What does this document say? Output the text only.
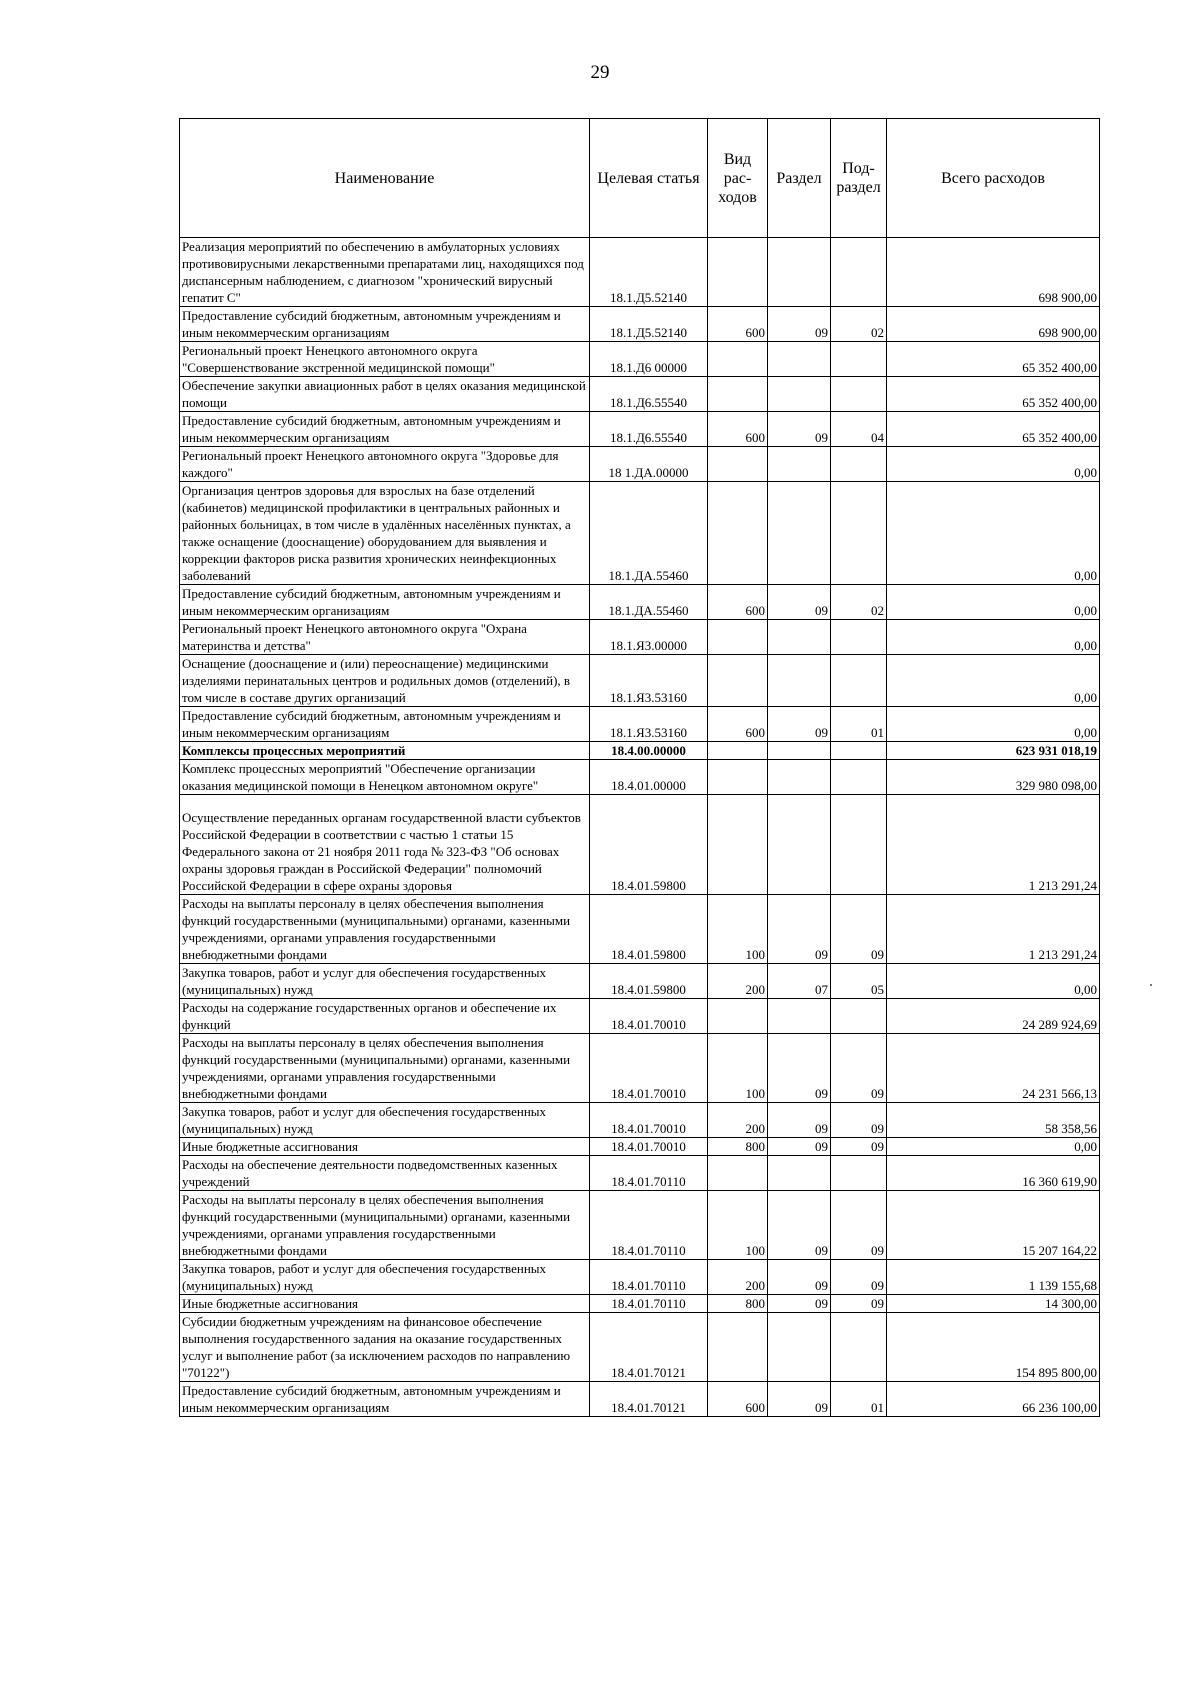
29
Наименование	Целевая статья	Вид рас-ходов	Раздел	Под-раздел	Всего расходов
Реализация мероприятий по обеспечению в амбулаторных условиях противовирусными лекарственными препаратами лиц, находящихся под диспансерным наблюдением, с диагнозом "хронический вирусный гепатит С"	18.1.Д5.52140				698 900,00
Предоставление субсидий бюджетным, автономным учреждениям и иным некоммерческим организациям	18.1.Д5.52140	600	09	02	698 900,00
Региональный проект Ненецкого автономного округа "Совершенствование экстренной медицинской помощи"	18.1.Д6 00000				65 352 400,00
Обеспечение закупки авиационных работ в целях оказания медицинской помощи	18.1.Д6.55540				65 352 400,00
Предоставление субсидий бюджетным, автономным учреждениям и иным некоммерческим организациям	18.1.Д6.55540	600	09	04	65 352 400,00
Региональный проект Ненецкого автономного округа "Здоровье для каждого"	18 1.ДА.00000				0,00
Организация центров здоровья для взрослых на базе отделений (кабинетов) медицинской профилактики в центральных районных и районных больницах, в том числе в удалённых населённых пунктах, а также оснащение (дооснащение) оборудованием для выявления и коррекции факторов риска развития хронических неинфекционных заболеваний	18.1.ДА.55460				0,00
Предоставление субсидий бюджетным, автономным учреждениям и иным некоммерческим организациям	18.1.ДА.55460	600	09	02	0,00
Региональный проект Ненецкого автономного округа "Охрана материнства и детства"	18.1.Я3.00000				0,00
Оснащение (дооснащение и (или) переоснащение) медицинскими изделиями перинатальных центров и родильных домов (отделений), в том числе в составе других организаций	18.1.Я3.53160				0,00
Предоставление субсидий бюджетным, автономным учреждениям и иным некоммерческим организациям	18.1.Я3.53160	600	09	01	0,00
Комплексы процессных мероприятий	18.4.00.00000				623 931 018,19
Комплекс процессных мероприятий "Обеспечение организации оказания медицинской помощи в Ненецком автономном округе"	18.4.01.00000				329 980 098,00
Осуществление переданных органам государственной власти субъектов Российской Федерации в соответствии с частью 1 статьи 15 Федерального закона от 21 ноября 2011 года № 323-ФЗ "Об основах охраны здоровья граждан в Российской Федерации" полномочий Российской Федерации в сфере охраны здоровья	18.4.01.59800				1 213 291,24
Расходы на выплаты персоналу в целях обеспечения выполнения функций государственными (муниципальными) органами, казенными учреждениями, органами управления государственными внебюджетными фондами	18.4.01.59800	100	09	09	1 213 291,24
Закупка товаров, работ и услуг для обеспечения государственных (муниципальных) нужд	18.4.01.59800	200	07	05	0,00
Расходы на содержание государственных органов и обеспечение их функций	18.4.01.70010				24 289 924,69
Расходы на выплаты персоналу в целях обеспечения выполнения функций государственными (муниципальными) органами, казенными учреждениями, органами управления государственными внебюджетными фондами	18.4.01.70010	100	09	09	24 231 566,13
Закупка товаров, работ и услуг для обеспечения государственных (муниципальных) нужд	18.4.01.70010	200	09	09	58 358,56
Иные бюджетные ассигнования	18.4.01.70010	800	09	09	0,00
Расходы на обеспечение деятельности подведомственных казенных учреждений	18.4.01.70110				16 360 619,90
Расходы на выплаты персоналу в целях обеспечения выполнения функций государственными (муниципальными) органами, казенными учреждениями, органами управления государственными внебюджетными фондами	18.4.01.70110	100	09	09	15 207 164,22
Закупка товаров, работ и услуг для обеспечения государственных (муниципальных) нужд	18.4.01.70110	200	09	09	1 139 155,68
Иные бюджетные ассигнования	18.4.01.70110	800	09	09	14 300,00
Субсидии бюджетным учреждениям на финансовое обеспечение выполнения государственного задания на оказание государственных услуг и выполнение работ (за исключением расходов по направлению "70122")	18.4.01.70121				154 895 800,00
Предоставление субсидий бюджетным, автономным учреждениям и иным некоммерческим организациям	18.4.01.70121	600	09	01	66 236 100,00
